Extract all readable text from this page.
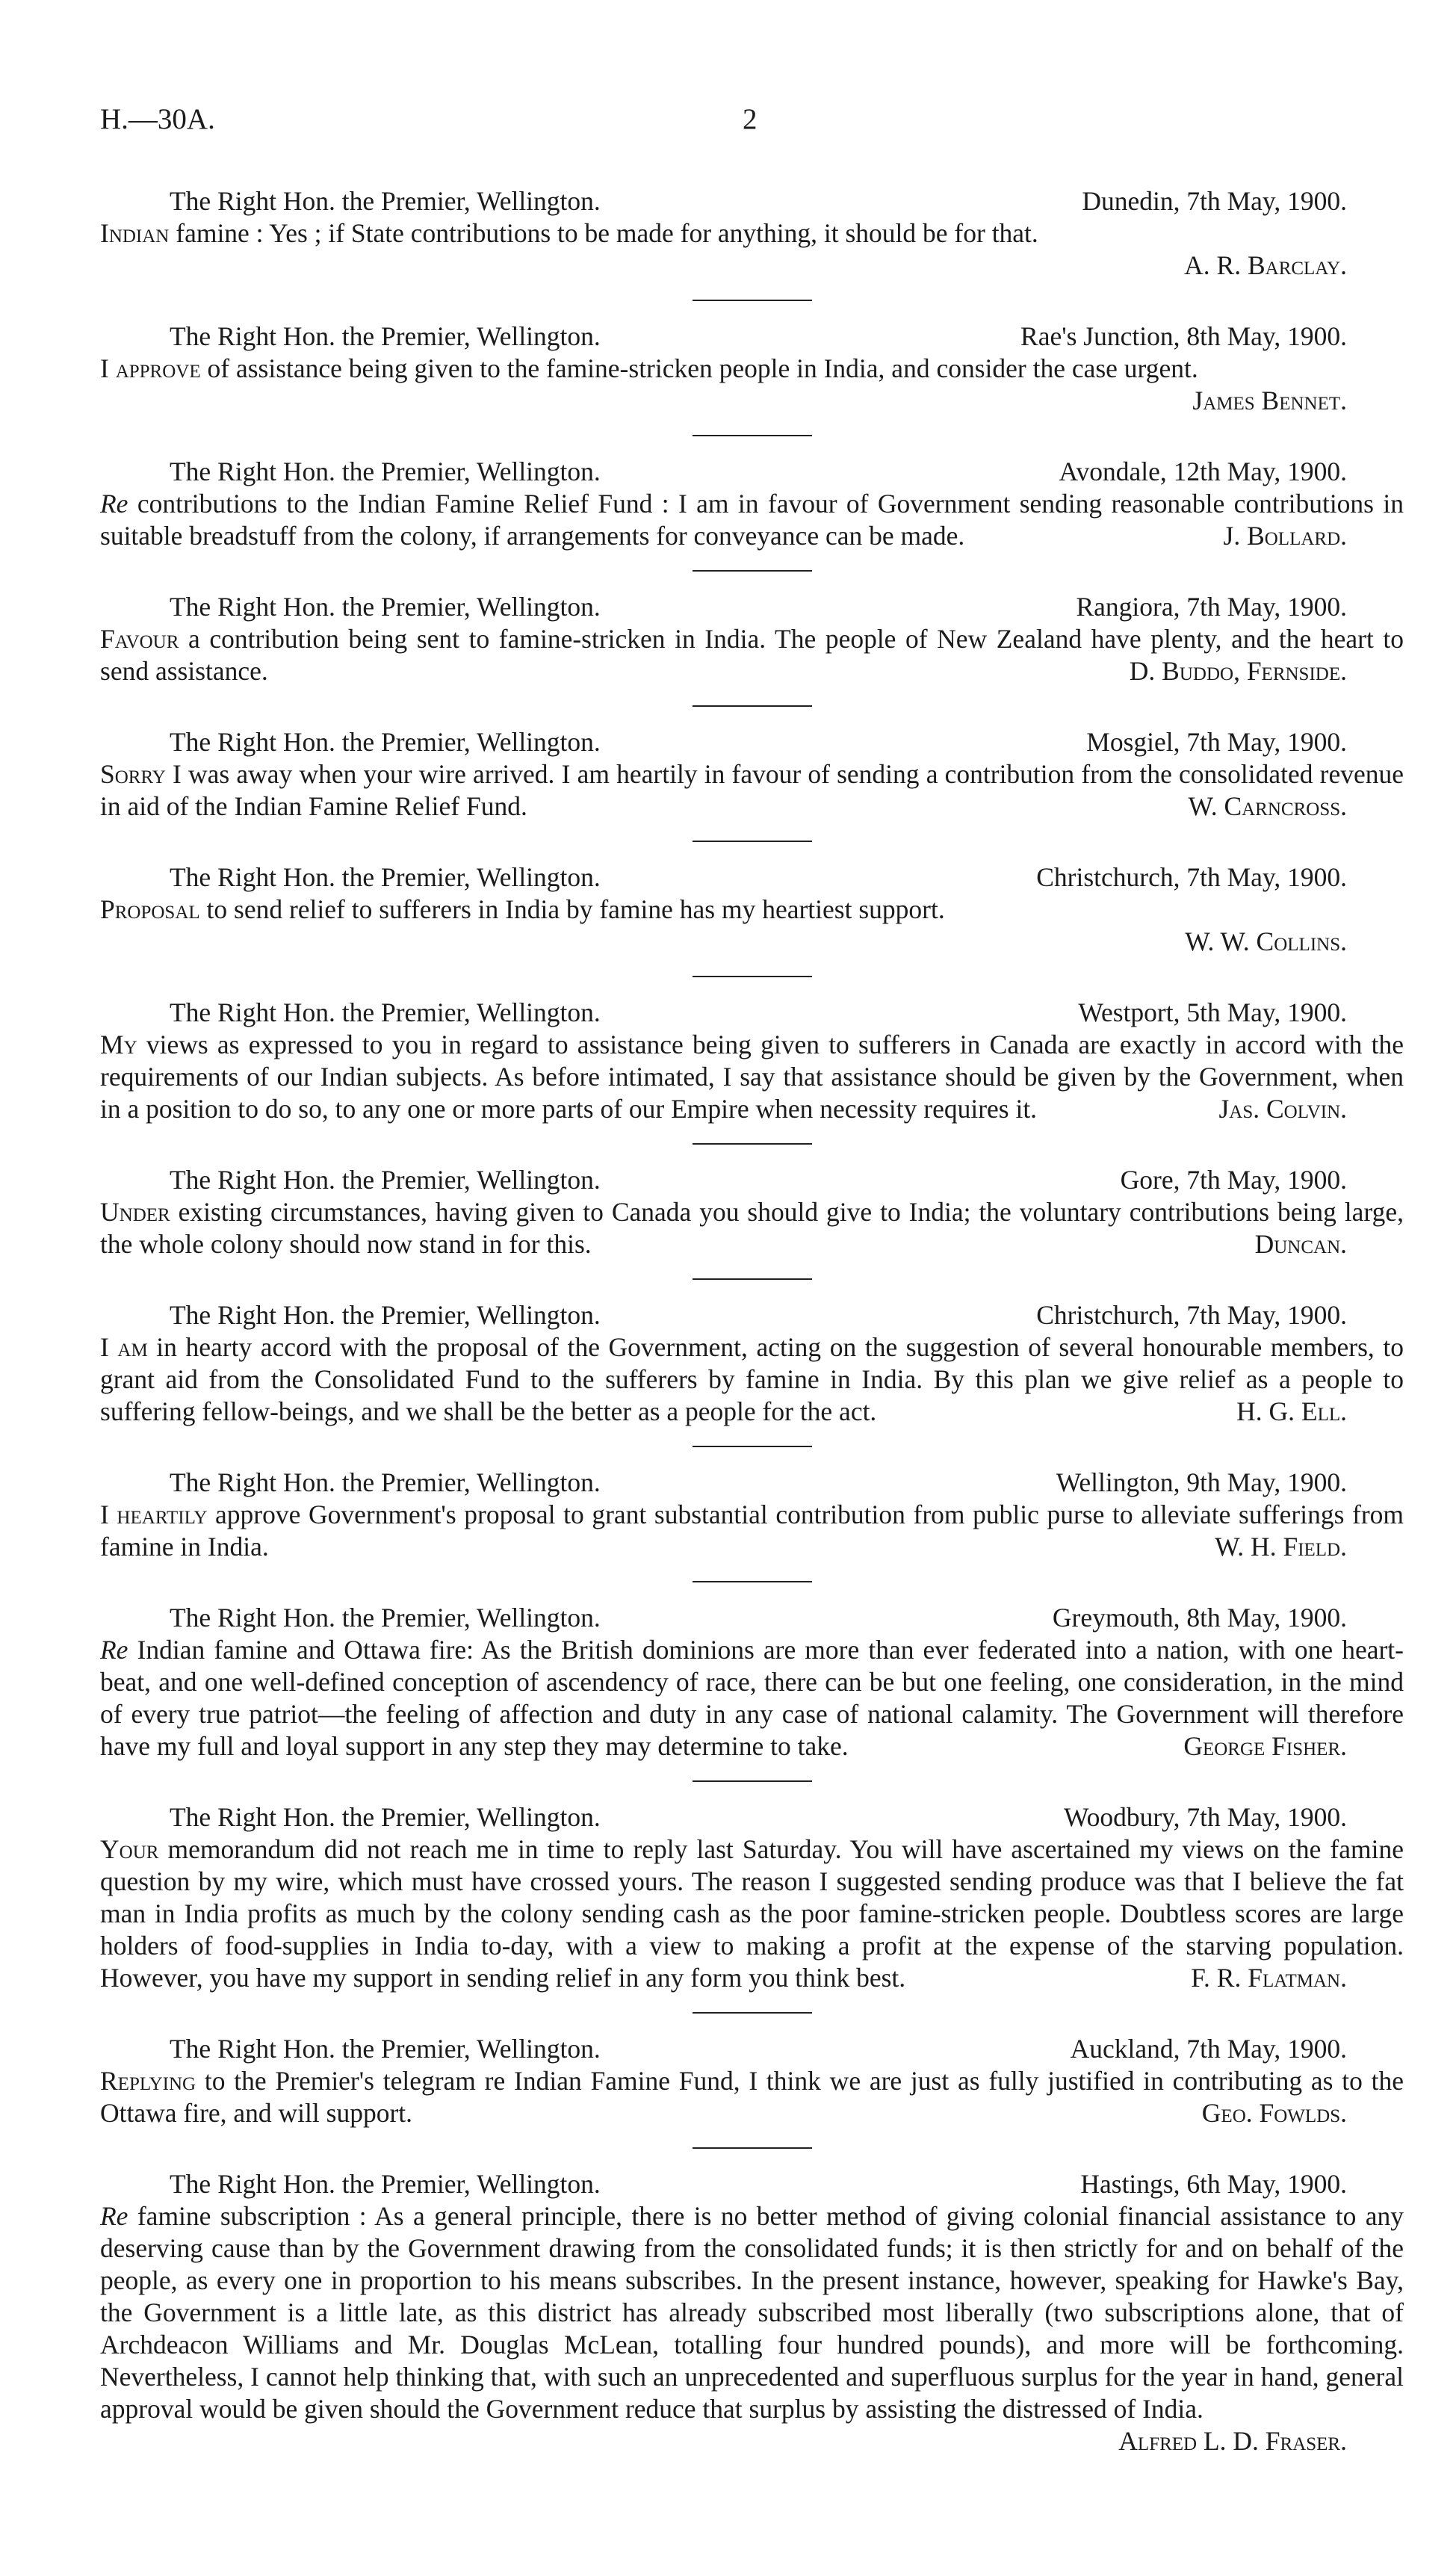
H.—30A.	2
The Right Hon. the Premier, Wellington.	Dunedin, 7th May, 1900.
Indian famine : Yes ; if State contributions to be made for anything, it should be for that.
A. R. Barclay.
The Right Hon. the Premier, Wellington.	Rae's Junction, 8th May, 1900.
I approve of assistance being given to the famine-stricken people in India, and consider the case urgent.
James Bennet.
The Right Hon. the Premier, Wellington.	Avondale, 12th May, 1900.
Re contributions to the Indian Famine Relief Fund : I am in favour of Government sending reasonable contributions in suitable breadstuff from the colony, if arrangements for conveyance can be made.	J. Bollard.
The Right Hon. the Premier, Wellington.	Rangiora, 7th May, 1900.
Favour a contribution being sent to famine-stricken in India. The people of New Zealand have plenty, and the heart to send assistance.	D. Buddo, Fernside.
The Right Hon. the Premier, Wellington.	Mosgiel, 7th May, 1900.
Sorry I was away when your wire arrived. I am heartily in favour of sending a contribution from the consolidated revenue in aid of the Indian Famine Relief Fund.	W. Carncross.
The Right Hon. the Premier, Wellington.	Christchurch, 7th May, 1900.
Proposal to send relief to sufferers in India by famine has my heartiest support.
W. W. Collins.
The Right Hon. the Premier, Wellington.	Westport, 5th May, 1900.
My views as expressed to you in regard to assistance being given to sufferers in Canada are exactly in accord with the requirements of our Indian subjects. As before intimated, I say that assistance should be given by the Government, when in a position to do so, to any one or more parts of our Empire when necessity requires it.	Jas. Colvin.
The Right Hon. the Premier, Wellington.	Gore, 7th May, 1900.
Under existing circumstances, having given to Canada you should give to India; the voluntary contributions being large, the whole colony should now stand in for this.	Duncan.
The Right Hon. the Premier, Wellington.	Christchurch, 7th May, 1900.
I am in hearty accord with the proposal of the Government, acting on the suggestion of several honourable members, to grant aid from the Consolidated Fund to the sufferers by famine in India. By this plan we give relief as a people to suffering fellow-beings, and we shall be the better as a people for the act.	H. G. Ell.
The Right Hon. the Premier, Wellington.	Wellington, 9th May, 1900.
I heartily approve Government's proposal to grant substantial contribution from public purse to alleviate sufferings from famine in India.	W. H. Field.
The Right Hon. the Premier, Wellington.	Greymouth, 8th May, 1900.
Re Indian famine and Ottawa fire: As the British dominions are more than ever federated into a nation, with one heart-beat, and one well-defined conception of ascendency of race, there can be but one feeling, one consideration, in the mind of every true patriot—the feeling of affection and duty in any case of national calamity. The Government will therefore have my full and loyal support in any step they may determine to take.	George Fisher.
The Right Hon. the Premier, Wellington.	Woodbury, 7th May, 1900.
Your memorandum did not reach me in time to reply last Saturday. You will have ascertained my views on the famine question by my wire, which must have crossed yours. The reason I suggested sending produce was that I believe the fat man in India profits as much by the colony sending cash as the poor famine-stricken people. Doubtless scores are large holders of food-supplies in India to-day, with a view to making a profit at the expense of the starving population. However, you have my support in sending relief in any form you think best.	F. R. Flatman.
The Right Hon. the Premier, Wellington.	Auckland, 7th May, 1900.
Replying to the Premier's telegram re Indian Famine Fund, I think we are just as fully justified in contributing as to the Ottawa fire, and will support.	Geo. Fowlds.
The Right Hon. the Premier, Wellington.	Hastings, 6th May, 1900.
Re famine subscription : As a general principle, there is no better method of giving colonial financial assistance to any deserving cause than by the Government drawing from the consolidated funds; it is then strictly for and on behalf of the people, as every one in proportion to his means subscribes. In the present instance, however, speaking for Hawke's Bay, the Government is a little late, as this district has already subscribed most liberally (two subscriptions alone, that of Archdeacon Williams and Mr. Douglas McLean, totalling four hundred pounds), and more will be forthcoming. Nevertheless, I cannot help thinking that, with such an unprecedented and superfluous surplus for the year in hand, general approval would be given should the Government reduce that surplus by assisting the distressed of India.
Alfred L. D. Fraser.
